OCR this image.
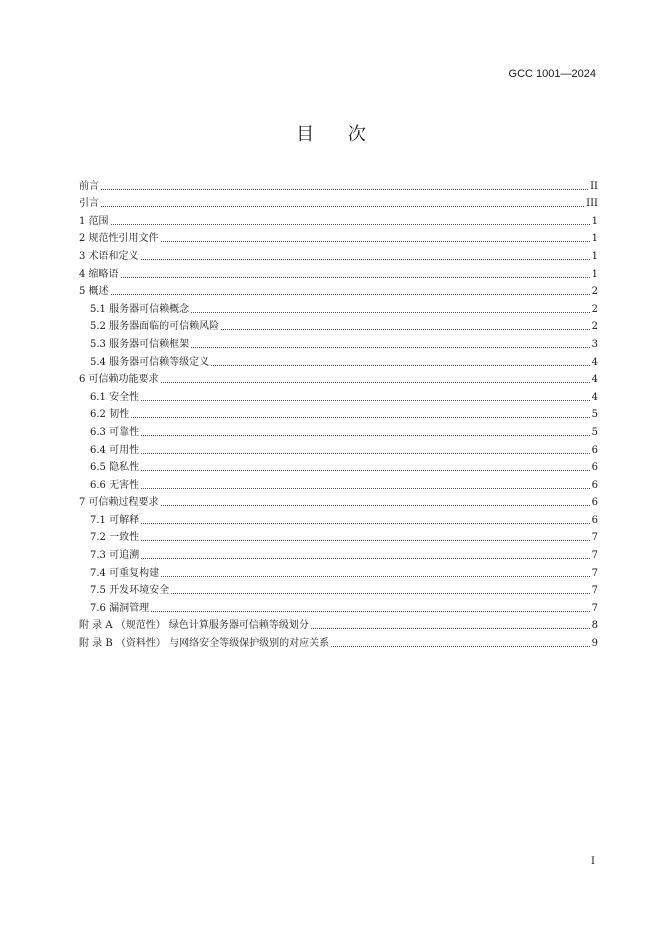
GCC 1001—2024
目 次
前言	II
引言	III
1 范围	1
2 规范性引用文件	1
3 术语和定义	1
4 缩略语	1
5 概述	2
5.1 服务器可信赖概念	2
5.2 服务器面临的可信赖风险	2
5.3 服务器可信赖框架	3
5.4 服务器可信赖等级定义	4
6 可信赖功能要求	4
6.1 安全性	4
6.2 韧性	5
6.3 可靠性	5
6.4 可用性	6
6.5 隐私性	6
6.6 无害性	6
7 可信赖过程要求	6
7.1 可解释	6
7.2 一致性	7
7.3 可追溯	7
7.4 可重复构建	7
7.5 开发环境安全	7
7.6 漏洞管理	7
附 录 A （规范性） 绿色计算服务器可信赖等级划分	8
附 录 B （资料性） 与网络安全等级保护级别的对应关系	9
I
